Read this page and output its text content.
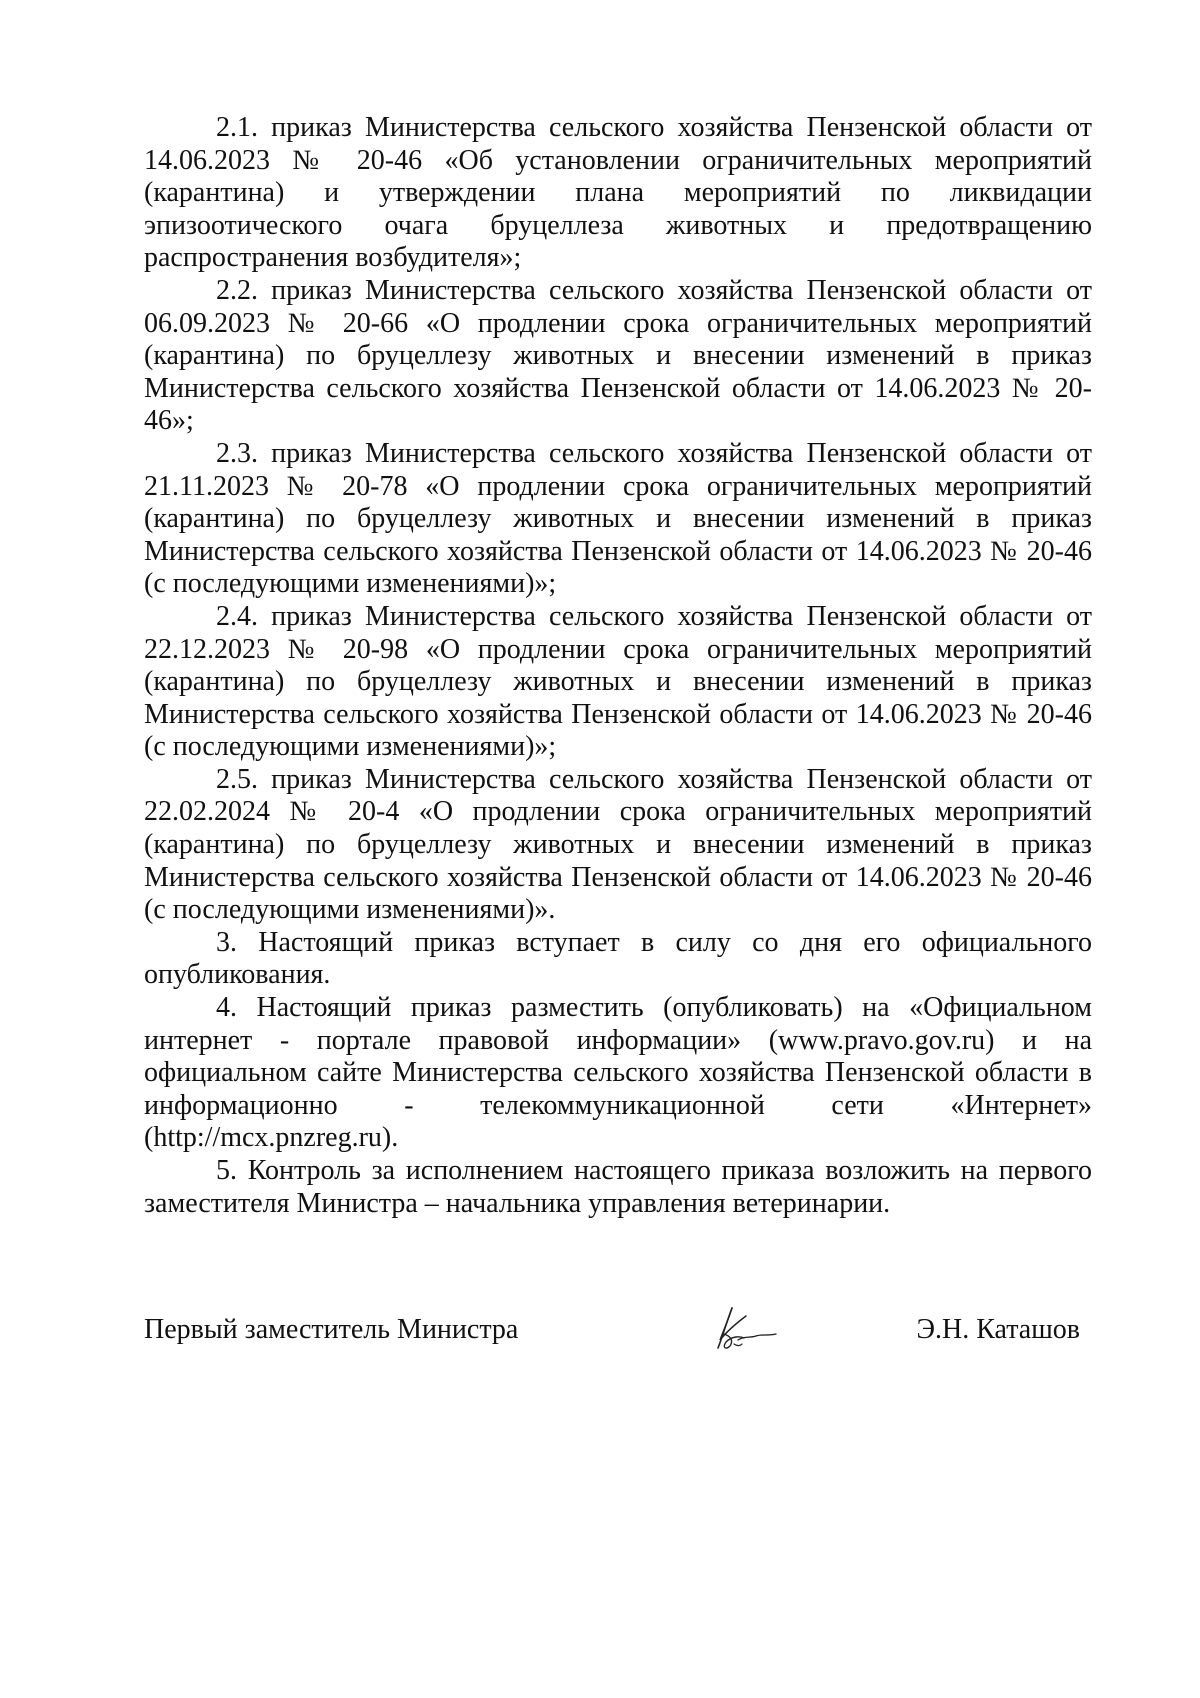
2.1. приказ Министерства сельского хозяйства Пензенской области от 14.06.2023 № 20-46 «Об установлении ограничительных мероприятий (карантина) и утверждении плана мероприятий по ликвидации эпизоотического очага бруцеллеза животных и предотвращению распространения возбудителя»;

2.2. приказ Министерства сельского хозяйства Пензенской области от 06.09.2023 № 20-66 «О продлении срока ограничительных мероприятий (карантина) по бруцеллезу животных и внесении изменений в приказ Министерства сельского хозяйства Пензенской области от 14.06.2023 № 20-46»;

2.3. приказ Министерства сельского хозяйства Пензенской области от 21.11.2023 № 20-78 «О продлении срока ограничительных мероприятий (карантина) по бруцеллезу животных и внесении изменений в приказ Министерства сельского хозяйства Пензенской области от 14.06.2023 № 20-46 (с последующими изменениями)»;

2.4. приказ Министерства сельского хозяйства Пензенской области от 22.12.2023 № 20-98 «О продлении срока ограничительных мероприятий (карантина) по бруцеллезу животных и внесении изменений в приказ Министерства сельского хозяйства Пензенской области от 14.06.2023 № 20-46 (с последующими изменениями)»;

2.5. приказ Министерства сельского хозяйства Пензенской области от 22.02.2024 № 20-4 «О продлении срока ограничительных мероприятий (карантина) по бруцеллезу животных и внесении изменений в приказ Министерства сельского хозяйства Пензенской области от 14.06.2023 № 20-46 (с последующими изменениями)».

3. Настоящий приказ вступает в силу со дня его официального опубликования.

4. Настоящий приказ разместить (опубликовать) на «Официальном интернет - портале правовой информации» (www.pravo.gov.ru) и на официальном сайте Министерства сельского хозяйства Пензенской области в информационно - телекоммуникационной сети «Интернет» (http://mcx.pnzreg.ru).

5. Контроль за исполнением настоящего приказа возложить на первого заместителя Министра – начальника управления ветеринарии.

Первый заместитель Министра	Э.Н. Каташов
